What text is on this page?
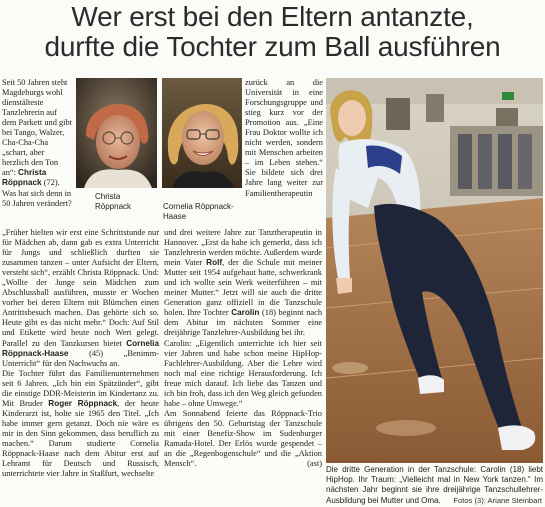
Wer erst bei den Eltern antanzte,
durfte die Tochter zum Ball ausführen

Seit 50 Jahren steht Magdeburgs wohl dienstälteste Tanzlehrerin auf dem Parkett und gibt bei Tango, Walzer, Cha-Cha-Cha „schart, aber herzlich den Ton an“: Christa Röppnack (72). Was hat sich denn in 50 Jahren verändert?

Christa Röppnack	Cornelia Röppnack-Haase

„Früher hielten wir erst eine Schrittstunde nur für Mädchen ab, dann gab es extra Unterricht für Jungs und schließlich durften sie zusammen tanzen – unter Aufsicht der Eltern, versteht sich“, erzählt Christa Röppnack. Und: „Wollte der Junge sein Mädchen zum Abschlussball ausführen, musste er Wochen vorher bei deren Eltern mit Blümchen einen Antrittsbesuch machen. Das gehörte sich so. Heute gibt es das nicht mehr.“ Doch: Auf Stil und Etikette wird heute noch Wert gelegt. Parallel zu den Tanzkursen bietet Cornelia Röppnack-Haase (45) „Benimm-Unterricht“ für den Nachwuchs an.

Die Tochter führt das Familienunternehmen seit 6 Jahren. „Ich bin ein Spätzünder“, gibt die einstige DDR-Meisterin im Kindertanz zu. Mit Bruder Roger Röppnack, der heute Kinderarzt ist, holte sie 1965 den Titel. „Ich habe immer gern getanzt. Doch nie wäre es mir in den Sinn gekommen, dass beruflich zu machen.“ Darum studierte Cornelia Röppnack-Haase nach dem Abitur erst auf Lehramt für Deutsch und Russisch, unterrichtete vier Jahre in Staßfurt, wechselte

zurück an die Universität in eine Forschungsgruppe und stieg kurz vor der Promotion aus. „Eine Frau Doktor wollte ich nicht werden, sondern mit Menschen arbeiten – im Leben stehen.“ Sie bildete sich drei Jahre lang weiter zur Familientherapeutin

und drei weitere Jahre zur Tanztherapeutin in Hannover. „Erst da habe ich gemerkt, dass ich Tanzlehrerin werden möchte. Außerdem wurde mein Vater Rolf, der die Schule mit meiner Mutter seit 1954 aufgebaut hatte, schwerkrank und ich wollte sein Werk weiterführen – mit meiner Mutter.“ Jetzt will sie auch die dritte Generation ganz offiziell in die Tanzschule holen. Ihre Tochter Carolin (18) beginnt nach dem Abitur im nächsten Sommer eine dreijährige Tanzlehrer-Ausbildung bei ihr.

Carolin: „Eigentlich unterrichte ich hier seit vier Jahren und habe schon meine HipHop-Fachlehrer-Ausbildung. Aber die Lehre wird noch mal eine richtige Herausforderung. Ich freue mich darauf. Ich liebe das Tanzen und ich bin froh, dass ich den Weg gleich gefunden habe – ohne Umwege.“

Am Sonnabend feierte das Röppnack-Trio übrigens den 50. Geburtstag der Tanzschule mit einer Benefiz-Show im Sudenburger Ramada-Hotel. Der Erlös wurde gespendet – an die „Regenbogenschule“ und die „Aktion Mensch“.	(ast)

Die dritte Generation in der Tanzschule: Carolin (18) liebt HipHop. Ihr Traum: „Vielleicht mal in New York tanzen.“ Im nächsten Jahr beginnt sie ihre dreijährige Tanzschullehrer-Ausbildung bei Mutter und Oma.	Fotos (3): Ariane Steinbart
